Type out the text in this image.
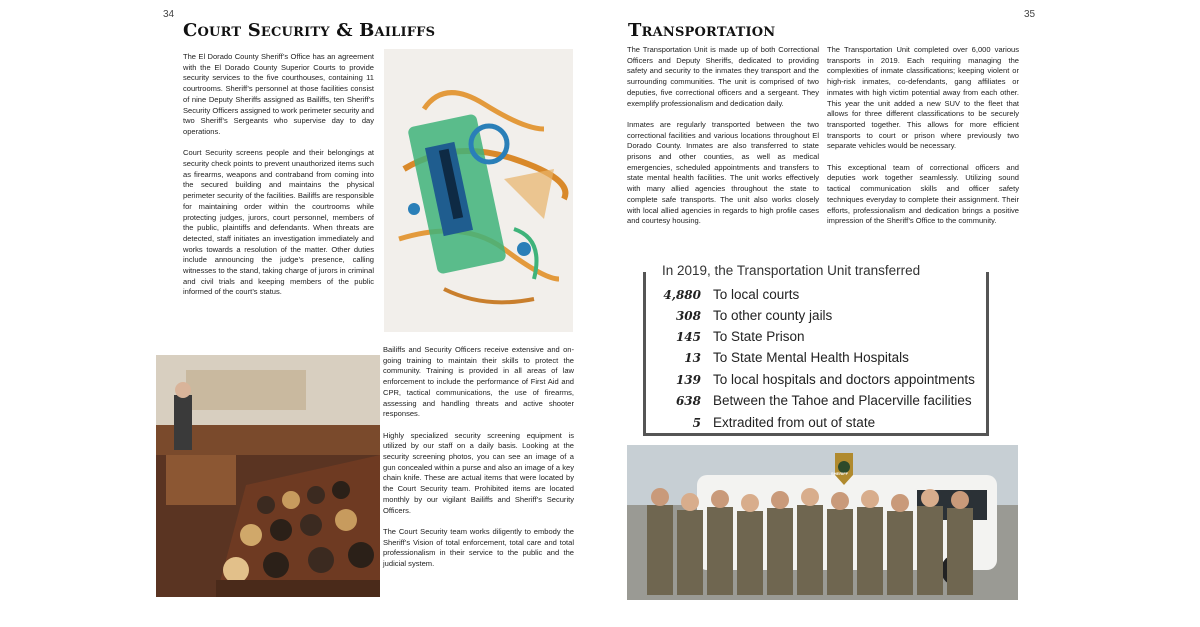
34	35
Court Security & Bailiffs

The El Dorado County Sheriff’s Office has an agreement with the El Dorado County Superior Courts to provide security services to the five courthouses, containing 11 courtrooms. Sheriff’s personnel at those facilities consist of nine Deputy Sheriffs assigned as Bailiffs, ten Sheriff’s Security Officers assigned to work perimeter security and two Sheriff’s Sergeants who supervise day to day operations.

Court Security screens people and their belongings at security check points to prevent unauthorized items such as firearms, weapons and contraband from coming into the secured building and maintains the physical perimeter security of the facilities. Bailiffs are responsible for maintaining order within the courtrooms while protecting judges, jurors, court personnel, members of the public, plaintiffs and defendants. When threats are detected, staff initiates an investigation immediately and works towards a resolution of the matter. Other duties include announcing the judge’s presence, calling witnesses to the stand, taking charge of jurors in criminal and civil trials and keeping members of the public informed of the court’s status.

Bailiffs and Security Officers receive extensive and on-going training to maintain their skills to protect the community. Training is provided in all areas of law enforcement to include the performance of First Aid and CPR, tactical communications, the use of firearms, assessing and handling threats and active shooter responses.

Highly specialized security screening equipment is utilized by our staff on a daily basis. Looking at the security screening photos, you can see an image of a gun concealed within a purse and also an image of a key chain knife. These are actual items that were located by the Court Security team. Prohibited items are located monthly by our vigilant Bailiffs and Sheriff’s Security Officers.

The Court Security team works diligently to embody the Sheriff’s Vision of total enforcement, total care and total professionalism in their service to the public and the judicial system.

Transportation

The Transportation Unit is made up of both Correctional Officers and Deputy Sheriffs, dedicated to providing safety and security to the inmates they transport and the surrounding communities. The unit is comprised of two deputies, five correctional officers and a sergeant. They exemplify professionalism and dedication daily.

Inmates are regularly transported between the two correctional facilities and various locations throughout El Dorado County. Inmates are also transferred to state prisons and other counties, as well as medical emergencies, scheduled appointments and transfers to state mental health facilities. The unit works effectively with many allied agencies throughout the state to complete safe transports. The unit also works closely with local allied agencies in regards to high profile cases and courtesy housing.

The Transportation Unit completed over 6,000 various transports in 2019. Each requiring managing the complexities of inmate classifications; keeping violent or high-risk inmates, co-defendants, gang affiliates or inmates with high victim potential away from each other. This year the unit added a new SUV to the fleet that allows for three different classifications to be securely transported together. This allows for more efficient transports to court or prison where previously two separate vehicles would be necessary.

This exceptional team of correctional officers and deputies work together seamlessly. Utilizing sound tactical communication skills and officer safety techniques everyday to complete their assignment. Their efforts, professionalism and dedication brings a positive impression of the Sheriff’s Office to the community.

In 2019, the Transportation Unit transferred
4,880 To local courts
308 To other county jails
145 To State Prison
13 To State Mental Health Hospitals
139 To local hospitals and doctors appointments
638 Between the Tahoe and Placerville facilities
5 Extradited from out of state
SHERIFF
